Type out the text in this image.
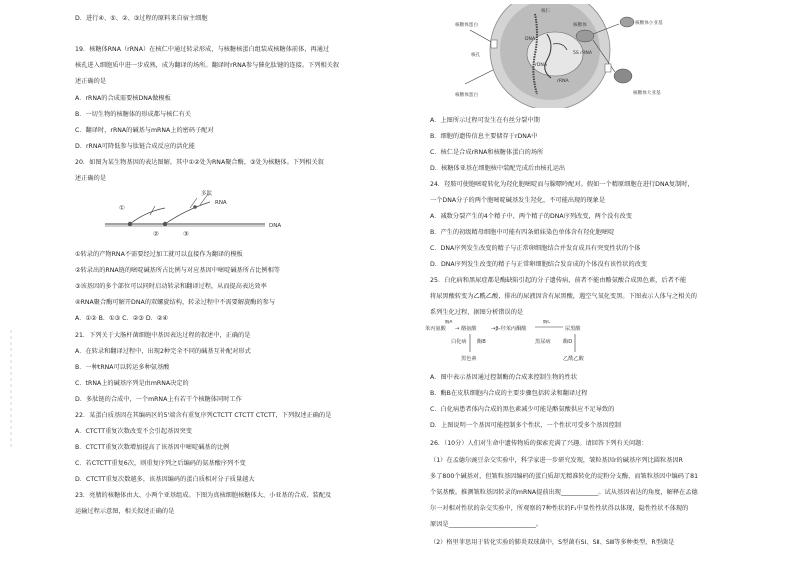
D．进行④、⑤、②、③过程的原料来自宿主细胞
19．核糖体RNA（rRNA）在核仁中通过转录形成，与核糖核蛋白组装成核糖体前体，再通过
核孔进入细胞质中进一步成熟，成为翻译的场所。翻译时rRNA参与催化肽键的连接。下列相关叙
述正确的是
A．rRNA的合成需要核DNA做模板
B．一切生物的核糖体的形成都与核仁有关
C．翻译时，rRNA的碱基与mRNA上的密码子配对
D．rRNA可降低参与肽链合成反应的活化能
20．如图为某生物基因的表达图解。其中①②处为RNA聚合酶，③处为核糖体。下列相关叙
述正确的是
①
②	③
RNA
多肽
DNA
①转录的产物RNA不需要经过加工就可以直接作为翻译的模板
②转录出的RNA链的嘧啶碱基所占比例与对应基因中嘧啶碱基所占比例相等
③该基因的多个部位可以同时启动转录和翻译过程，从而提高表达效率
④RNA聚合酶可解开DNA的双螺旋结构，转录过程中不需要解旋酶的参与
A．①② B．①③ C．②③ D．②④
21．下列关于大肠杆菌细胞中基因表达过程的叙述中，正确的是
A．在转录和翻译过程中，出现2种完全不同的碱基互补配对形式
B．一种tRNA可以转运多种氨基酸
C．tRNA上的碱基序列是由mRNA决定的
D．多肽链的合成中，一个mRNA上有若干个核糖体同时工作
22．某蛋白质基因在其编码区的5'端含有重复序列CTCTT CTCTT CTCTT，下列叙述正确的是
A．CTCTT重复次数改变不会引起基因突变
B．CTCTT重复次数增加提高了该基因中嘧啶碱基的比例
C．若CTCTT重复6次，则重复序列之后编码的氨基酸序列不变
D．CTCTT重复次数越多，该基因编码的蛋白质相对分子质量越大
23．亮腈的核糖体由大、小两个亚基组成。下图为真核细胞核糖体大、小亚基的合成、装配及
运输过程示意图，相关叙述正确的是
核糖体蛋白
核仁
DNA
rDNA
核糖体
核孔	5S rRNA
rRNA
核糖体小亚基
核糖体大亚基
核糖体蛋白
A．上图所示过程可发生在有丝分裂中期
B．细胞的遗传信息主要储存于rDNA中
C．核仁是合成rRNA和核糖体蛋白的场所
D．核糖体亚基在细胞核中装配完成后由核孔运出
24．羟胺可使胞嘧啶转化为羟化胞嘧啶而与腺嘌呤配对。假如一个精原细胞在进行DNA复制时，
一个DNA分子的两个胞嘧啶碱基发生羟化，不可能出现的现象是
A．减数分裂产生的4个精子中，两个精子的DNA序列改变，两个没有改变
B．产生的初级精母细胞中可能有四条姐妹染色单体含有羟化胞嘧啶
C．DNA序列发生改变的精子与正常卵细胞结合并发育成具有突变性状的个体
D．DNA序列发生改变的精子与正常卵细胞结合发育成的个体没有该性状的改变
25．白化病和黑尿症都是酶缺陷引起的分子遗传病，前者不能由酪氨酸合成黑色素，后者不能
将尿黑酸转变为乙酰乙酸，排出的尿液因含有尿黑酸，遇空气氧化变黑。下图表示人体与之相关的
系列生化过程，据图分析错误的是
苯丙氨酸 → 酪氨酸	→β-羟苯丙酮酸	尿黑酸
白化病 酶B	黑尿病 酶D
黑色素	乙酰乙酸
酶A	酶C
A．图中表示基因通过控制酶的合成来控制生物的性状
B．酶B在皮肤细胞内合成的主要步骤包括转录和翻译过程
C．白化病患者体内合成的黑色素减少可能是酪氨酸供应不足导致的
D．上图说明一个基因可能控制多个性状，一个性状可受多个基因控制
26．（10分）人们对生命中遗传物质的探索充满了兴趣。请回答下列有关问题：
（1）在孟德尔豌豆杂交实验中，科学家进一步研究发现，皱粒基因r的碱基序列比圆粒基因R
多了800个碱基对，但皱粒基因编码的蛋白质却无精准转化的淀粉分支酶，而皱粒基因中编码了81
个氨基酸。推测皱粒基因转录的mRNA提前出现____________。试从基因表达的角度，解释在孟德
尔一对相对性状的杂交实验中，所观察的7种性状的F₁中显性性状得以体现，隐性性状不体现的
原因是____________________________。
（2）格里菲思用于转化实验的肺炎双球菌中，S型菌有SⅠ、SⅡ、SⅢ等多种类型，R型菌是
